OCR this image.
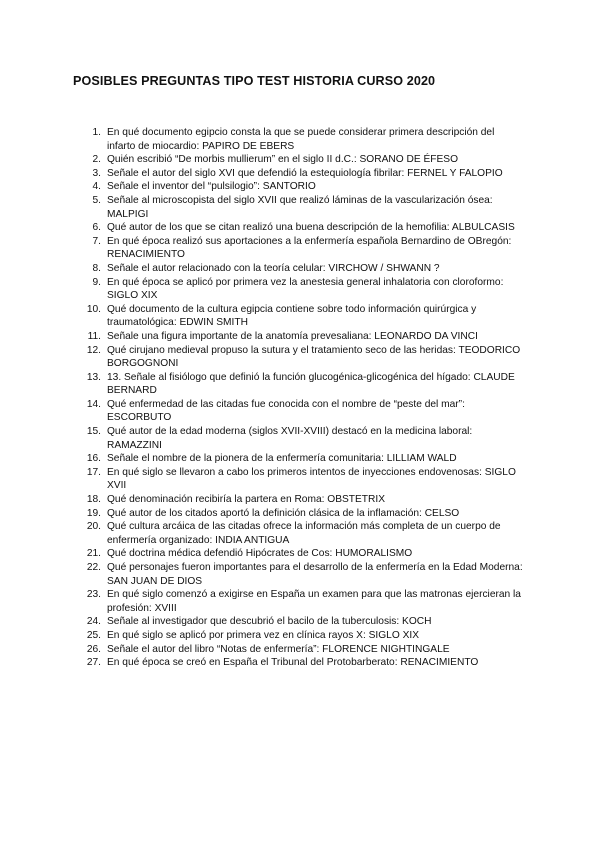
POSIBLES PREGUNTAS TIPO TEST HISTORIA CURSO 2020
1. En qué documento egipcio consta la que se puede considerar primera descripción del infarto de miocardio: PAPIRO DE EBERS
2. Quién escribió “De morbis mullierum” en el siglo II d.C.: SORANO DE ÉFESO
3. Señale el autor del siglo XVI que defendió la estequiología fibrilar: FERNEL Y FALOPIO
4. Señale el inventor del “pulsilogio”: SANTORIO
5. Señale al microscopista del siglo XVII que realizó láminas de la vascularización ósea: MALPIGI
6. Qué autor de los que se citan realizó una buena descripción de la hemofilia: ALBULCASIS
7. En qué época realizó sus aportaciones a la enfermería española Bernardino de OBregón: RENACIMIENTO
8. Señale el autor relacionado con la teoría celular: VIRCHOW / SHWANN ?
9. En qué época se aplicó por primera vez la anestesia general inhalatoria con cloroformo: SIGLO XIX
10. Qué documento de la cultura egipcia contiene sobre todo información quirúrgica y traumatológica: EDWIN SMITH
11. Señale una figura importante de la anatomía prevesaliana: LEONARDO DA VINCI
12. Qué cirujano medieval propuso la sutura y el tratamiento seco de las heridas: TEODORICO BORGOGNONI
13. 13. Señale al fisiólogo que definió la función glucogénica-glicogénica del hígado: CLAUDE BERNARD
14. Qué enfermedad de las citadas fue conocida con el nombre de “peste del mar”: ESCORBUTO
15. Qué autor de la edad moderna (siglos XVII-XVIII) destacó en la medicina laboral: RAMAZZINI
16. Señale el nombre de la pionera de la enfermería comunitaria: LILLIAM WALD
17. En qué siglo se llevaron a cabo los primeros intentos de inyecciones endovenosas: SIGLO XVII
18. Qué denominación recibiría la partera en Roma: OBSTETRIX
19. Qué autor de los citados aportó la definición clásica de la inflamación: CELSO
20. Qué cultura arcáica de las citadas ofrece la información más completa de un cuerpo de enfermería organizado: INDIA ANTIGUA
21. Qué doctrina médica defendió Hipócrates de Cos: HUMORALISMO
22. Qué personajes fueron importantes para el desarrollo de la enfermería en la Edad Moderna: SAN JUAN DE DIOS
23. En qué siglo comenzó a exigirse en España un examen para que las matronas ejercieran la profesión: XVIII
24. Señale al investigador que descubrió el bacilo de la tuberculosis: KOCH
25. En qué siglo se aplicó por primera vez en clínica rayos X: SIGLO XIX
26. Señale el autor del libro “Notas de enfermería”: FLORENCE NIGHTINGALE
27. En qué época se creó en España el Tribunal del Protobarberato: RENACIMIENTO
